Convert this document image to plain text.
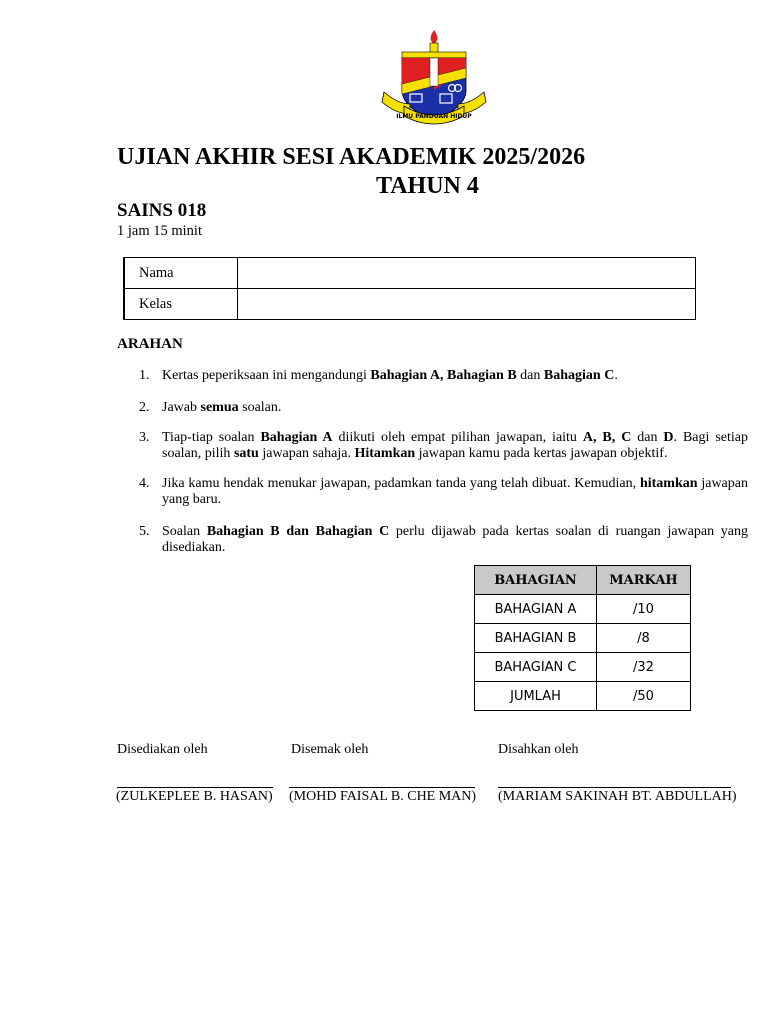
ILMU PANDUAN HIDUP
UJIAN AKHIR SESI AKADEMIK 2025/2026
TAHUN 4
SAINS 018
1 jam 15 minit
Nama	
Kelas	
ARAHAN
1. Kertas peperiksaan ini mengandungi Bahagian A, Bahagian B dan Bahagian C.
2. Jawab semua soalan.
3. Tiap-tiap soalan Bahagian A diikuti oleh empat pilihan jawapan, iaitu A, B, C dan D. Bagi setiap soalan, pilih satu jawapan sahaja. Hitamkan jawapan kamu pada kertas jawapan objektif.
4. Jika kamu hendak menukar jawapan, padamkan tanda yang telah dibuat. Kemudian, hitamkan jawapan yang baru.
5. Soalan Bahagian B dan Bahagian C perlu dijawab pada kertas soalan di ruangan jawapan yang disediakan.
BAHAGIAN	MARKAH
BAHAGIAN A	/10
BAHAGIAN B	/8
BAHAGIAN C	/32
JUMLAH	/50
Disediakan oleh	Disemak oleh	Disahkan oleh
(ZULKEPLEE B. HASAN) (MOHD FAISAL B. CHE MAN) (MARIAM SAKINAH BT. ABDULLAH)
